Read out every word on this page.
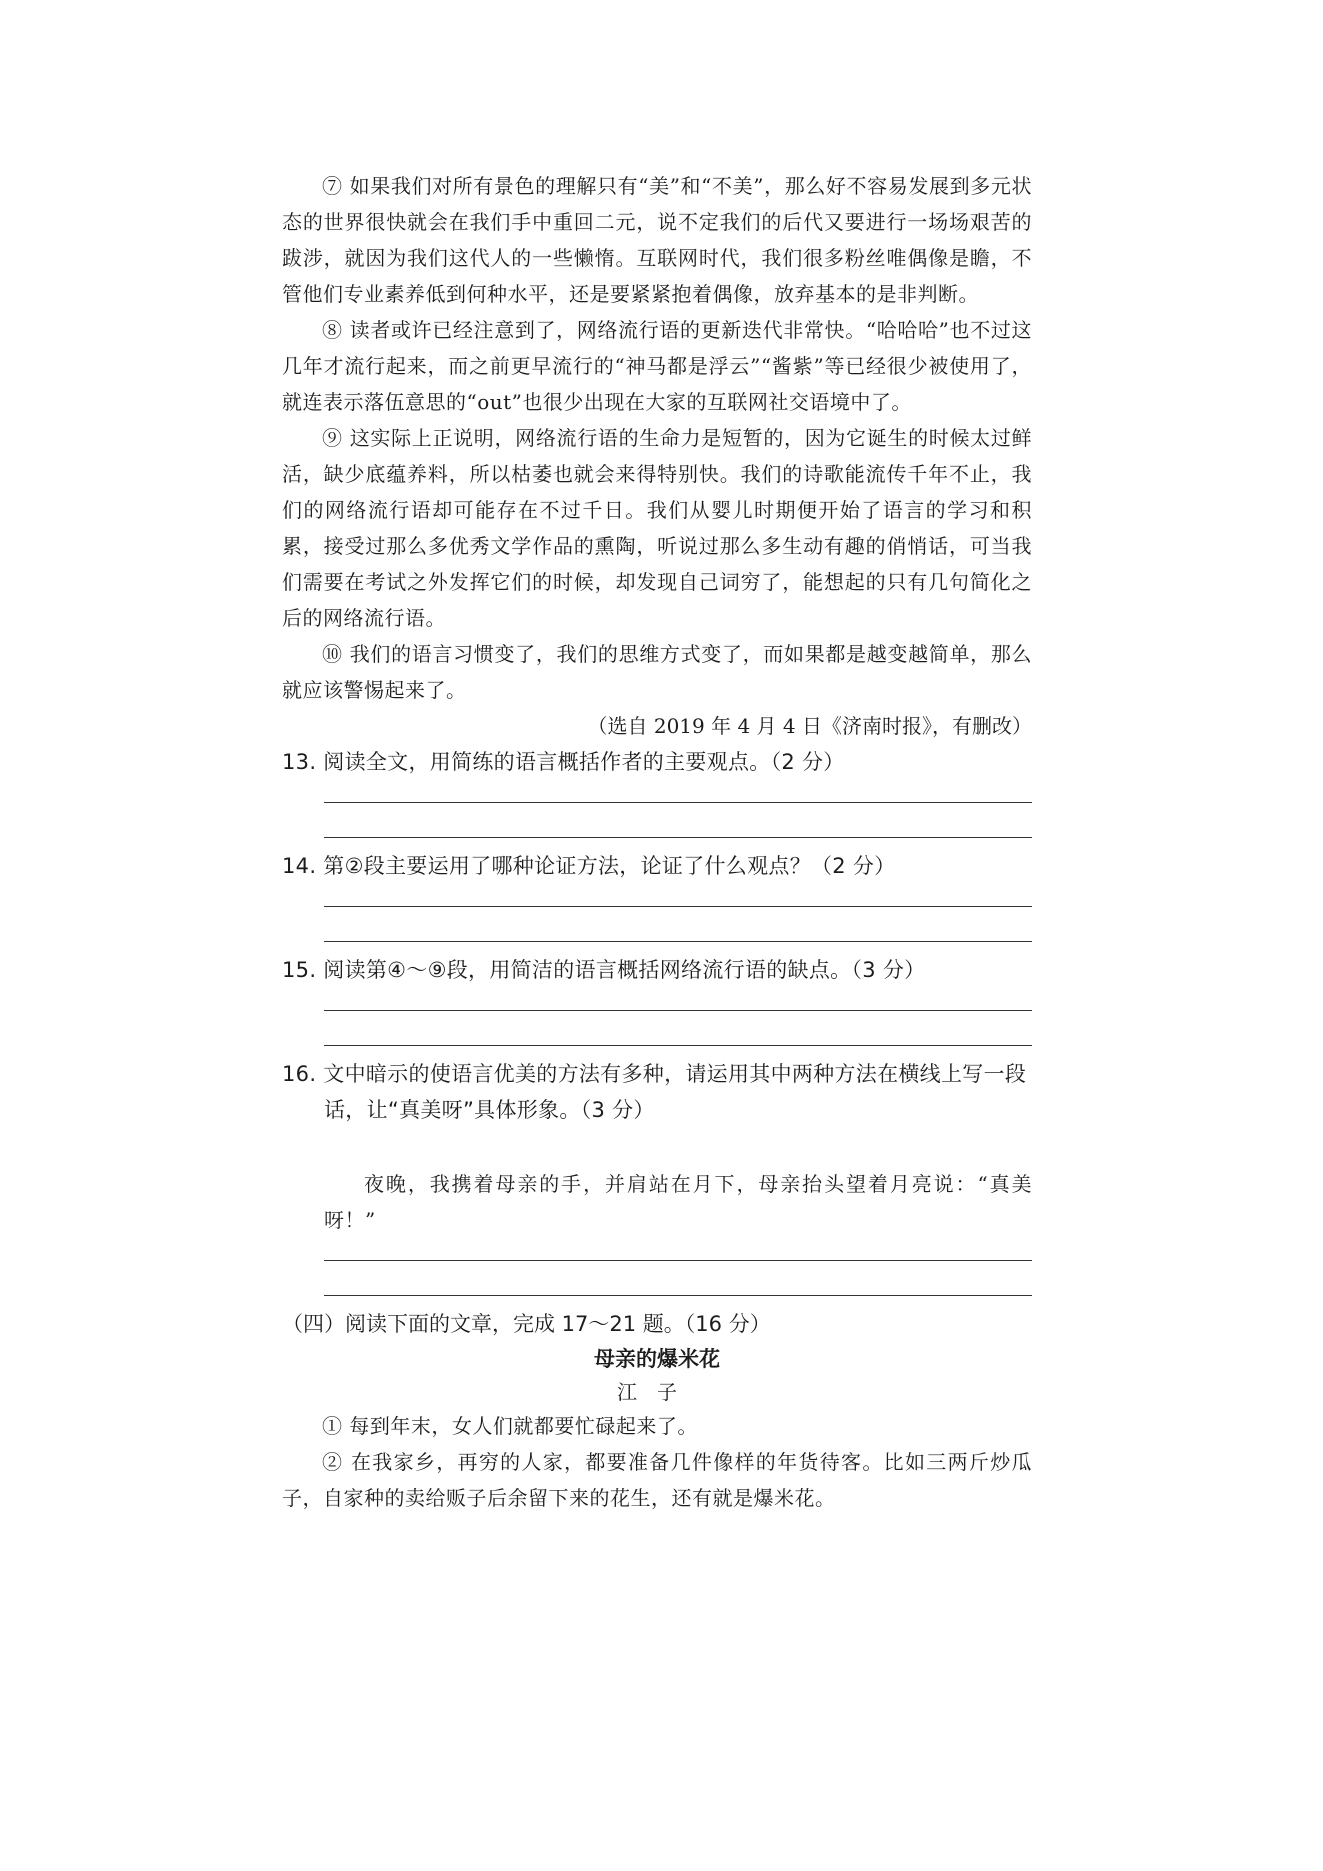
⑦ 如果我们对所有景色的理解只有“美”和“不美”，那么好不容易发展到多元状态的世界很快就会在我们手中重回二元，说不定我们的后代又要进行一场场艰苦的跋涉，就因为我们这代人的一些懒惰。互联网时代，我们很多粉丝唯偶像是瞻，不管他们专业素养低到何种水平，还是要紧紧抱着偶像，放弃基本的是非判断。

⑧ 读者或许已经注意到了，网络流行语的更新迭代非常快。“哈哈哈”也不过这几年才流行起来，而之前更早流行的“神马都是浮云”“酱紫”等已经很少被使用了，就连表示落伍意思的“out”也很少出现在大家的互联网社交语境中了。

⑨ 这实际上正说明，网络流行语的生命力是短暂的，因为它诞生的时候太过鲜活，缺少底蕴养料，所以枯萎也就会来得特别快。我们的诗歌能流传千年不止，我们的网络流行语却可能存在不过千日。我们从婴儿时期便开始了语言的学习和积累，接受过那么多优秀文学作品的熏陶，听说过那么多生动有趣的俏悄话，可当我们需要在考试之外发挥它们的时候，却发现自己词穷了，能想起的只有几句简化之后的网络流行语。

⑩ 我们的语言习惯变了，我们的思维方式变了，而如果都是越变越简单，那么就应该警惕起来了。

（选自 2019 年 4 月 4 日《济南时报》，有删改）

13. 阅读全文，用简练的语言概括作者的主要观点。（2 分）

14. 第②段主要运用了哪种论证方法，论证了什么观点？（2 分）

15. 阅读第④～⑨段，用简洁的语言概括网络流行语的缺点。（3 分）

16. 文中暗示的使语言优美的方法有多种，请运用其中两种方法在横线上写一段话，让“真美呀”具体形象。（3 分）

夜晚，我携着母亲的手，并肩站在月下，母亲抬头望着月亮说：“真美呀！”

（四）阅读下面的文章，完成 17～21 题。（16 分）

母亲的爆米花

江子

① 每到年末，女人们就都要忙碌起来了。

② 在我家乡，再穷的人家，都要准备几件像样的年货待客。比如三两斤炒瓜子，自家种的卖给贩子后余留下来的花生，还有就是爆米花。
